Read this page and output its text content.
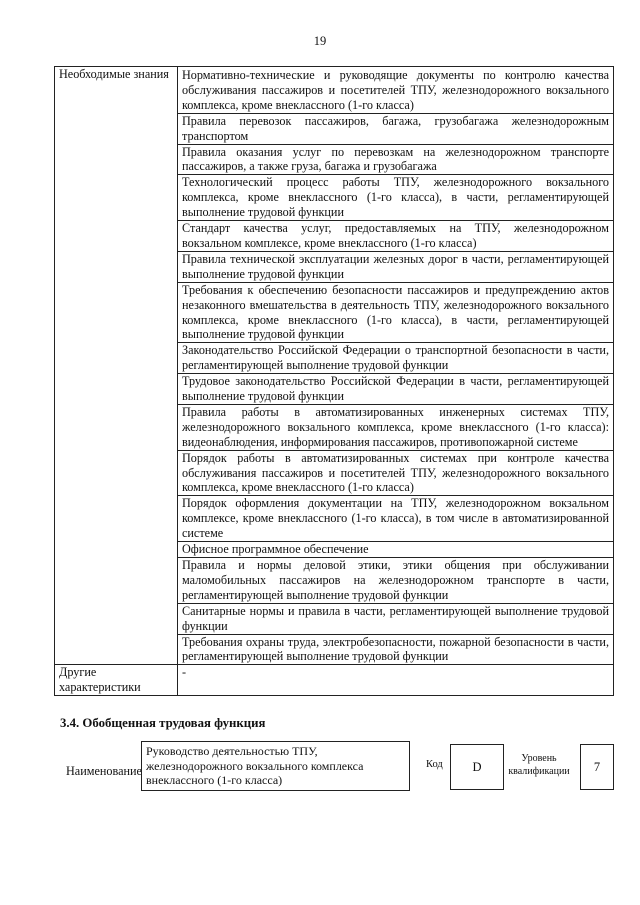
19
Необходимые знания	Нормативно-технические и руководящие документы по контролю качества обслуживания пассажиров и посетителей ТПУ, железнодорожного вокзального комплекса, кроме внеклассного (1-го класса)
	Правила перевозок пассажиров, багажа, грузобагажа железнодорожным транспортом
	Правила оказания услуг по перевозкам на железнодорожном транспорте пассажиров, а также груза, багажа и грузобагажа
	Технологический процесс работы ТПУ, железнодорожного вокзального комплекса, кроме внеклассного (1-го класса), в части, регламентирующей выполнение трудовой функции
	Стандарт качества услуг, предоставляемых на ТПУ, железнодорожном вокзальном комплексе, кроме внеклассного (1-го класса)
	Правила технической эксплуатации железных дорог в части, регламентирующей выполнение трудовой функции
	Требования к обеспечению безопасности пассажиров и предупреждению актов незаконного вмешательства в деятельность ТПУ, железнодорожного вокзального комплекса, кроме внеклассного (1-го класса), в части, регламентирующей выполнение трудовой функции
	Законодательство Российской Федерации о транспортной безопасности в части, регламентирующей выполнение трудовой функции
	Трудовое законодательство Российской Федерации в части, регламентирующей выполнение трудовой функции
	Правила работы в автоматизированных инженерных системах ТПУ, железнодорожного вокзального комплекса, кроме внеклассного (1-го класса): видеонаблюдения, информирования пассажиров, противопожарной системе
	Порядок работы в автоматизированных системах при контроле качества обслуживания пассажиров и посетителей ТПУ, железнодорожного вокзального комплекса, кроме внеклассного (1-го класса)
	Порядок оформления документации на ТПУ, железнодорожном вокзальном комплексе, кроме внеклассного (1-го класса), в том числе в автоматизированной системе
	Офисное программное обеспечение
	Правила и нормы деловой этики, этики общения при обслуживании маломобильных пассажиров на железнодорожном транспорте в части, регламентирующей выполнение трудовой функции
	Санитарные нормы и правила в части, регламентирующей выполнение трудовой функции
	Требования охраны труда, электробезопасности, пожарной безопасности в части, регламентирующей выполнение трудовой функции
Другие характеристики	-
3.4. Обобщенная трудовая функция
Наименование
Руководство деятельностью ТПУ, железнодорожного вокзального комплекса внеклассного (1-го класса)
Код	D
Уровень квалификации	7
